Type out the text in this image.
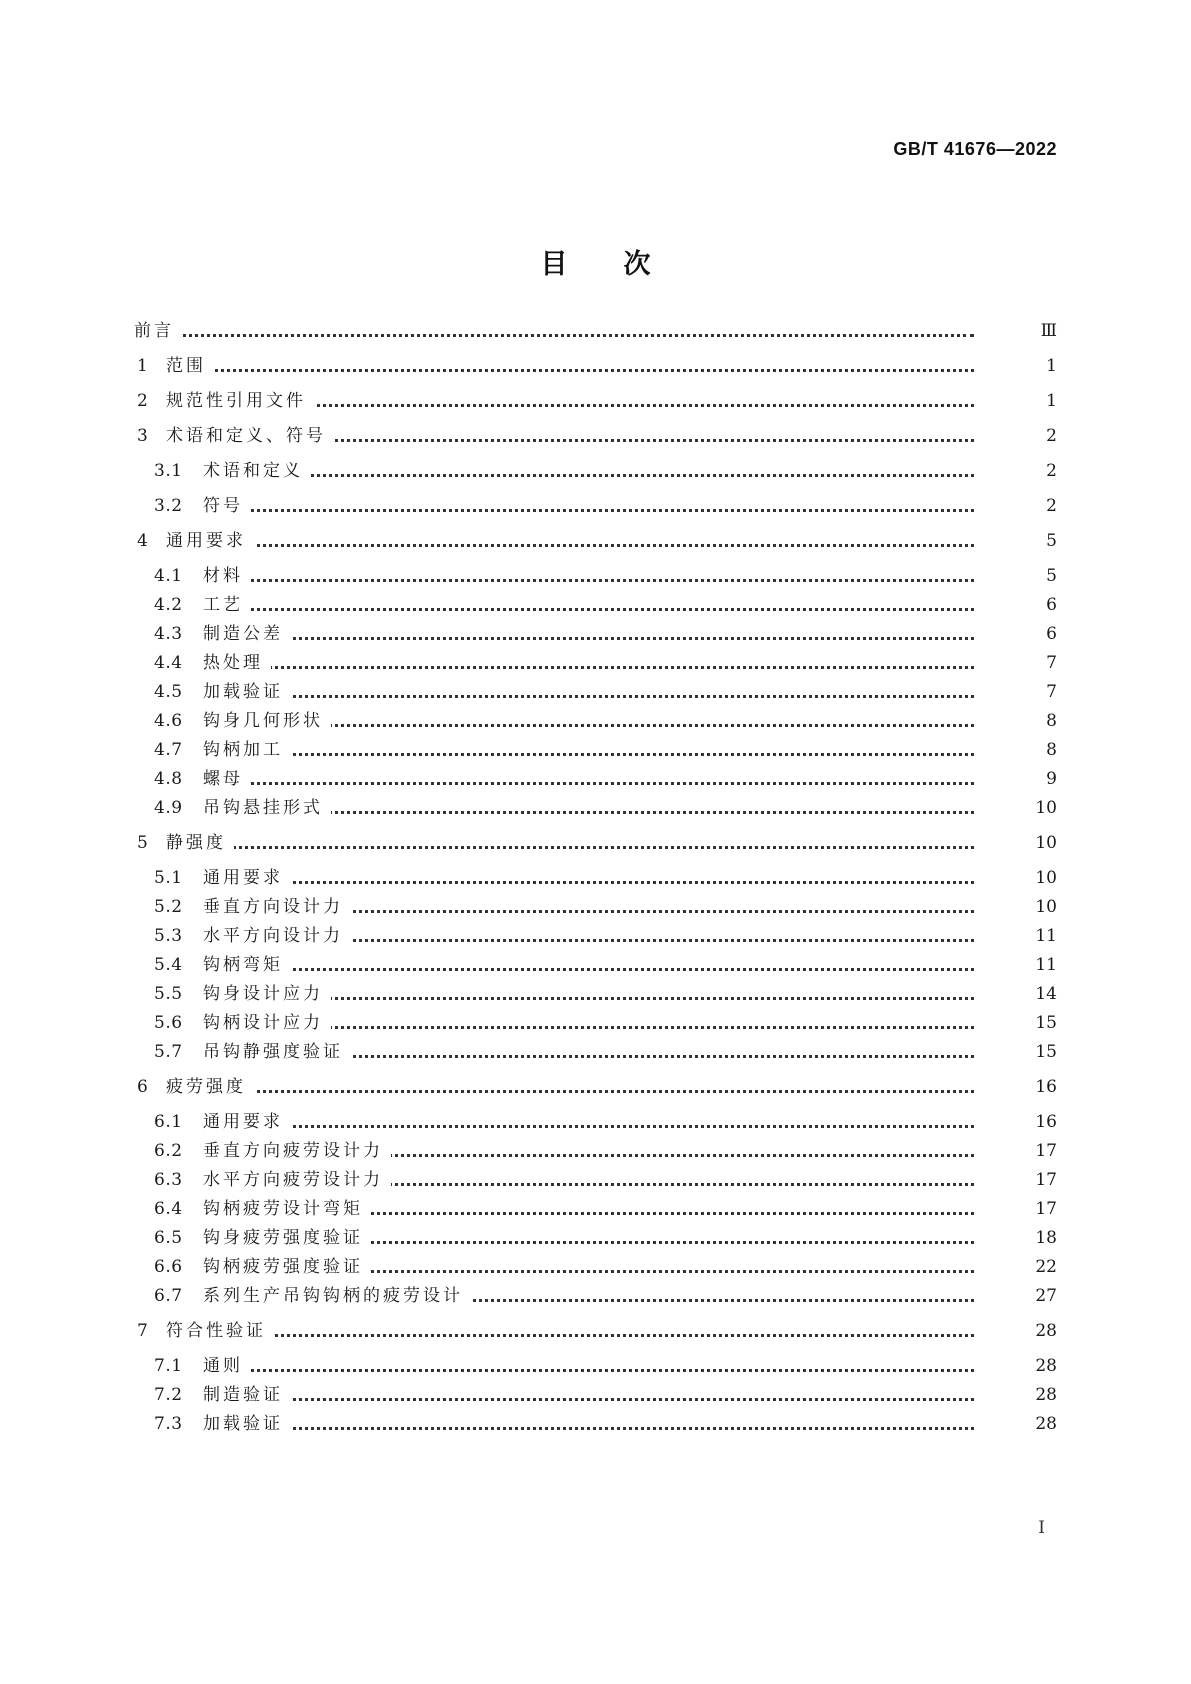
GB/T 41676—2022
目次
前言	Ⅲ
1 范围	1
2 规范性引用文件	1
3 术语和定义、符号	2
3.1 术语和定义	2
3.2 符号	2
4 通用要求	5
4.1 材料	5
4.2 工艺	6
4.3 制造公差	6
4.4 热处理	7
4.5 加载验证	7
4.6 钩身几何形状	8
4.7 钩柄加工	8
4.8 螺母	9
4.9 吊钩悬挂形式	10
5 静强度	10
5.1 通用要求	10
5.2 垂直方向设计力	10
5.3 水平方向设计力	11
5.4 钩柄弯矩	11
5.5 钩身设计应力	14
5.6 钩柄设计应力	15
5.7 吊钩静强度验证	15
6 疲劳强度	16
6.1 通用要求	16
6.2 垂直方向疲劳设计力	17
6.3 水平方向疲劳设计力	17
6.4 钩柄疲劳设计弯矩	17
6.5 钩身疲劳强度验证	18
6.6 钩柄疲劳强度验证	22
6.7 系列生产吊钩钩柄的疲劳设计	27
7 符合性验证	28
7.1 通则	28
7.2 制造验证	28
7.3 加载验证	28
I
